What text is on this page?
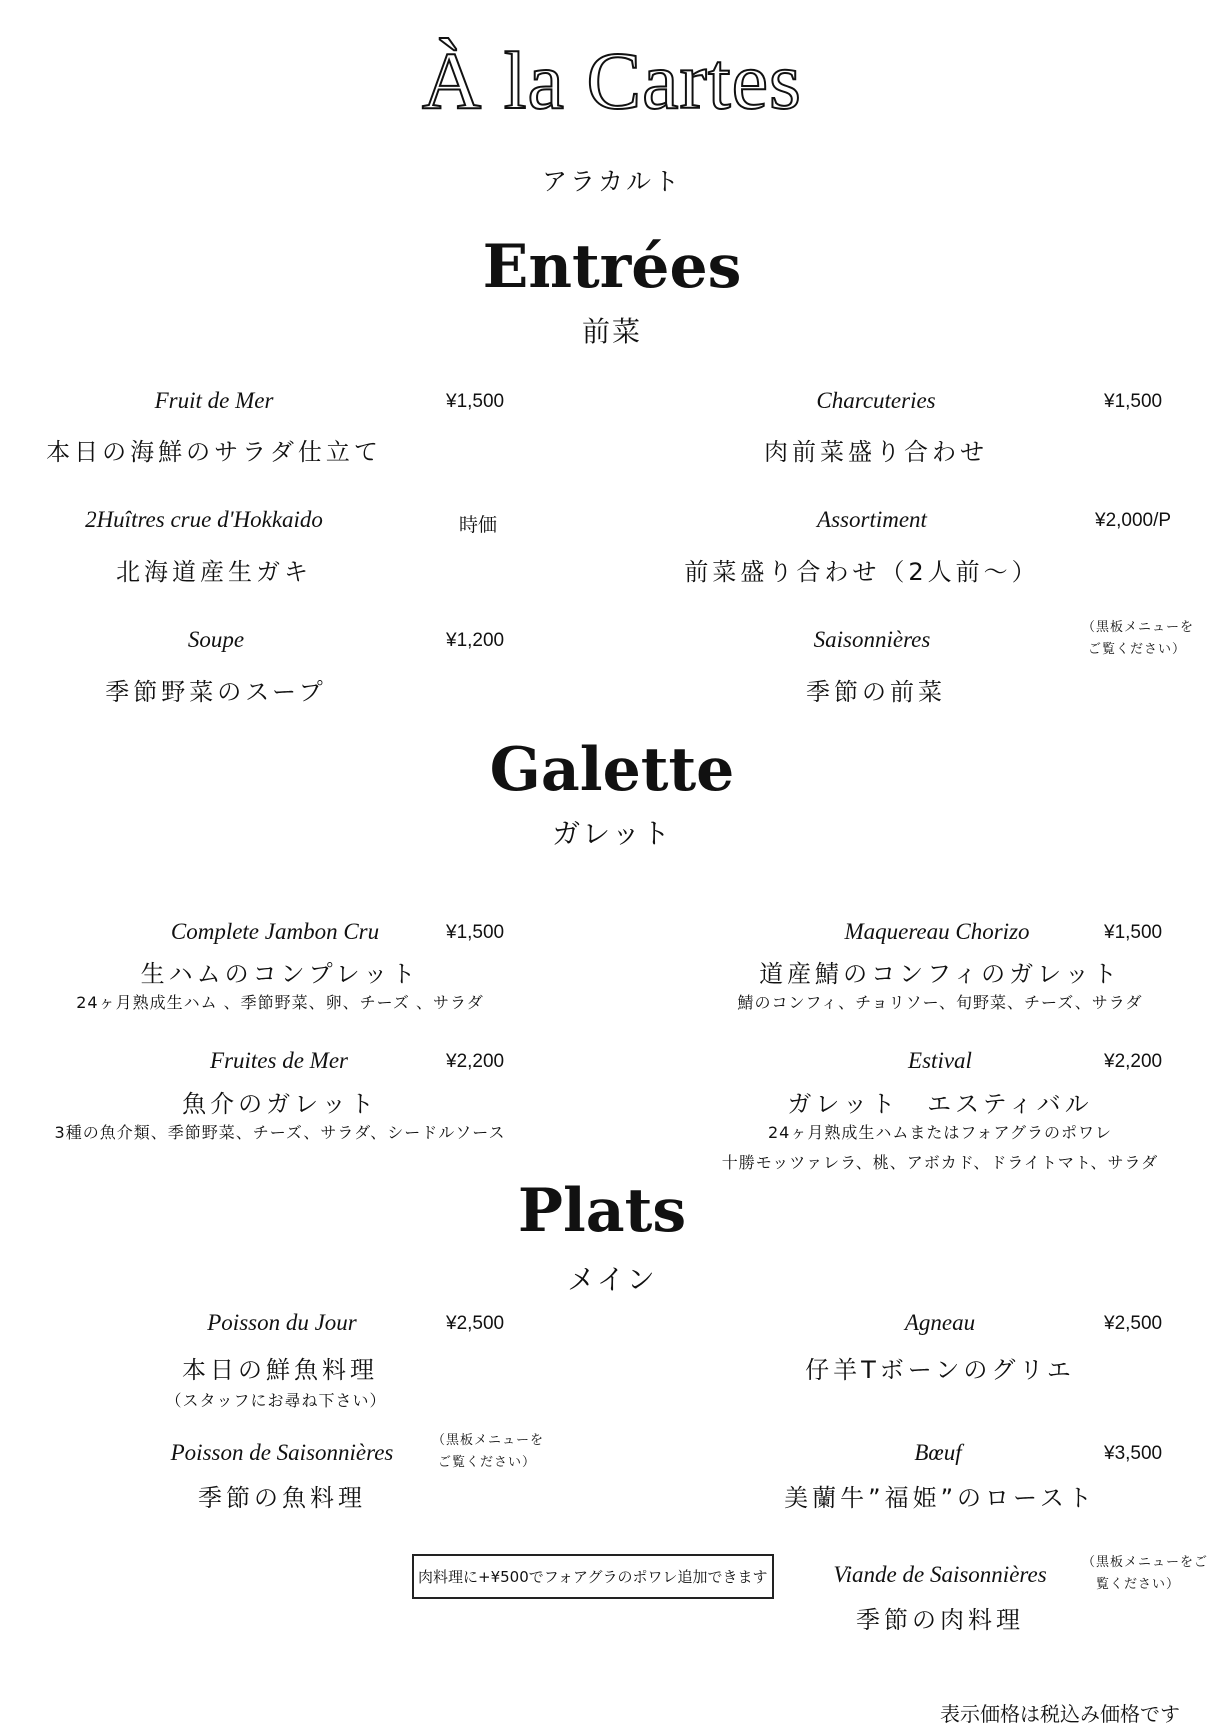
À la Cartes
アラカルト
Entrées
前菜
Fruit de Mer	¥1,500
本日の海鮮のサラダ仕立て
Charcuteries	¥1,500
肉前菜盛り合わせ
2Huîtres crue d'Hokkaido	時価
北海道産生ガキ
Assortiment	¥2,000/P
前菜盛り合わせ（2人前〜）
Soupe	¥1,200
季節野菜のスープ
Saisonnières	（黒板メニューを
ご覧ください）
季節の前菜
Galette
ガレット
Complete Jambon Cru	¥1,500
生ハムのコンプレット
24ヶ月熟成生ハム 、季節野菜、卵、チーズ 、サラダ
Maquereau Chorizo	¥1,500
道産鯖のコンフィのガレット
鯖のコンフィ、チョリソー、旬野菜、チーズ、サラダ
Fruites de Mer	¥2,200
魚介のガレット
3種の魚介類、季節野菜、チーズ、サラダ、シードルソース
Estival	¥2,200
ガレット　エスティバル
24ヶ月熟成生ハムまたはフォアグラのポワレ
十勝モッツァレラ、桃、アボカド、ドライトマト、サラダ
Plats
メイン
Poisson du Jour	¥2,500
本日の鮮魚料理
（スタッフにお尋ね下さい）
Agneau	¥2,500
仔羊Tボーンのグリエ
Poisson de Saisonnières	（黒板メニューを
ご覧ください）
季節の魚料理
Bœuf	¥3,500
美蘭牛”福姫”のロースト
肉料理に+¥500でフォアグラのポワレ追加できます	Viande de Saisonnières	（黒板メニューをご
覧ください）
季節の肉料理
表示価格は税込み価格です
